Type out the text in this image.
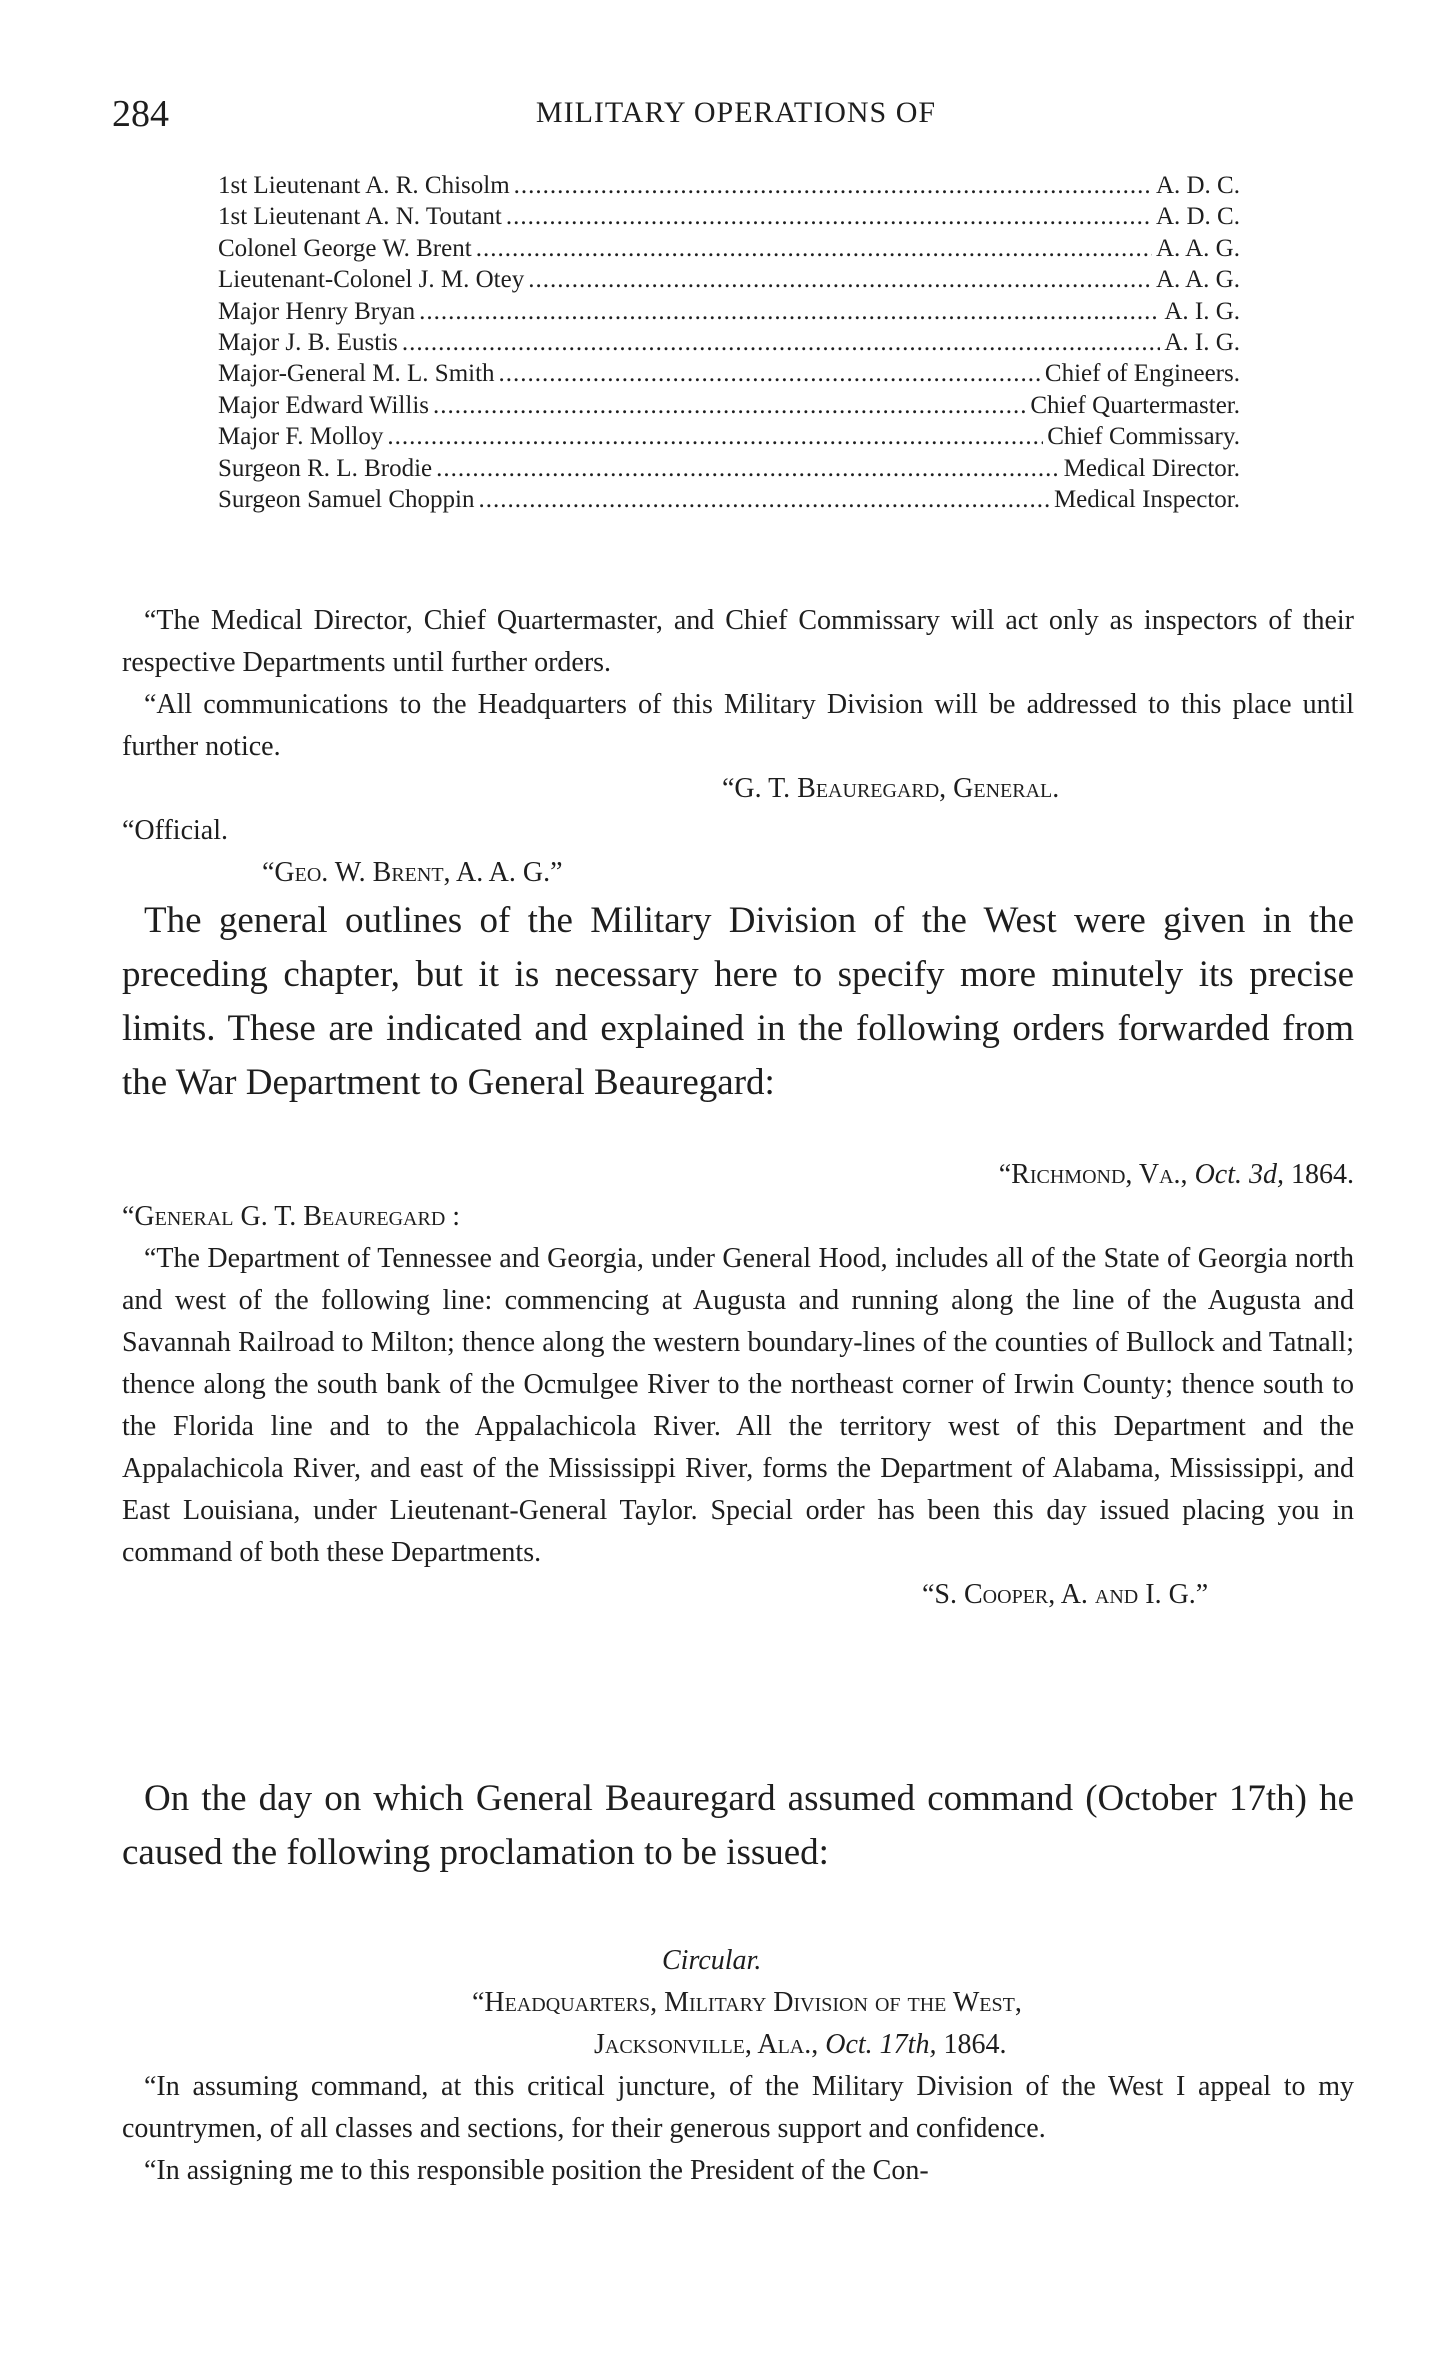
284	MILITARY OPERATIONS OF
1st Lieutenant A. R. Chisolm .....	A. D. C.
1st Lieutenant A. N. Toutant .....	A. D. C.
Colonel George W. Brent .....	A. A. G.
Lieutenant-Colonel J. M. Otey .....	A. A. G.
Major Henry Bryan .....	A. I. G.
Major J. B. Eustis .....	A. I. G.
Major-General M. L. Smith .....	Chief of Engineers.
Major Edward Willis .....	Chief Quartermaster.
Major F. Molloy .....	Chief Commissary.
Surgeon R. L. Brodie .....	Medical Director.
Surgeon Samuel Choppin .....	Medical Inspector.

“The Medical Director, Chief Quartermaster, and Chief Commissary will act only as inspectors of their respective Departments until further orders.

“All communications to the Headquarters of this Military Division will be addressed to this place until further notice.

“G. T. Beauregard, General.

“Official.

“Geo. W. Brent, A. A. G.”

The general outlines of the Military Division of the West were given in the preceding chapter, but it is necessary here to specify more minutely its precise limits. These are indicated and explained in the following orders forwarded from the War Department to General Beauregard:

“Richmond, Va., Oct. 3d, 1864.

“General G. T. Beauregard :

“The Department of Tennessee and Georgia, under General Hood, includes all of the State of Georgia north and west of the following line: commencing at Augusta and running along the line of the Augusta and Savannah Railroad to Milton; thence along the western boundary-lines of the counties of Bullock and Tatnall; thence along the south bank of the Ocmulgee River to the northeast corner of Irwin County; thence south to the Florida line and to the Appalachicola River. All the territory west of this Department and the Appalachicola River, and east of the Mississippi River, forms the Department of Alabama, Mississippi, and East Louisiana, under Lieutenant-General Taylor. Special order has been this day issued placing you in command of both these Departments.

“S. Cooper, A. and I. G.”

On the day on which General Beauregard assumed command (October 17th) he caused the following proclamation to be issued:

Circular.

“Headquarters, Military Division of the West,

Jacksonville, Ala., Oct. 17th, 1864.

“In assuming command, at this critical juncture, of the Military Division of the West I appeal to my countrymen, of all classes and sections, for their generous support and confidence.

“In assigning me to this responsible position the President of the Con-
